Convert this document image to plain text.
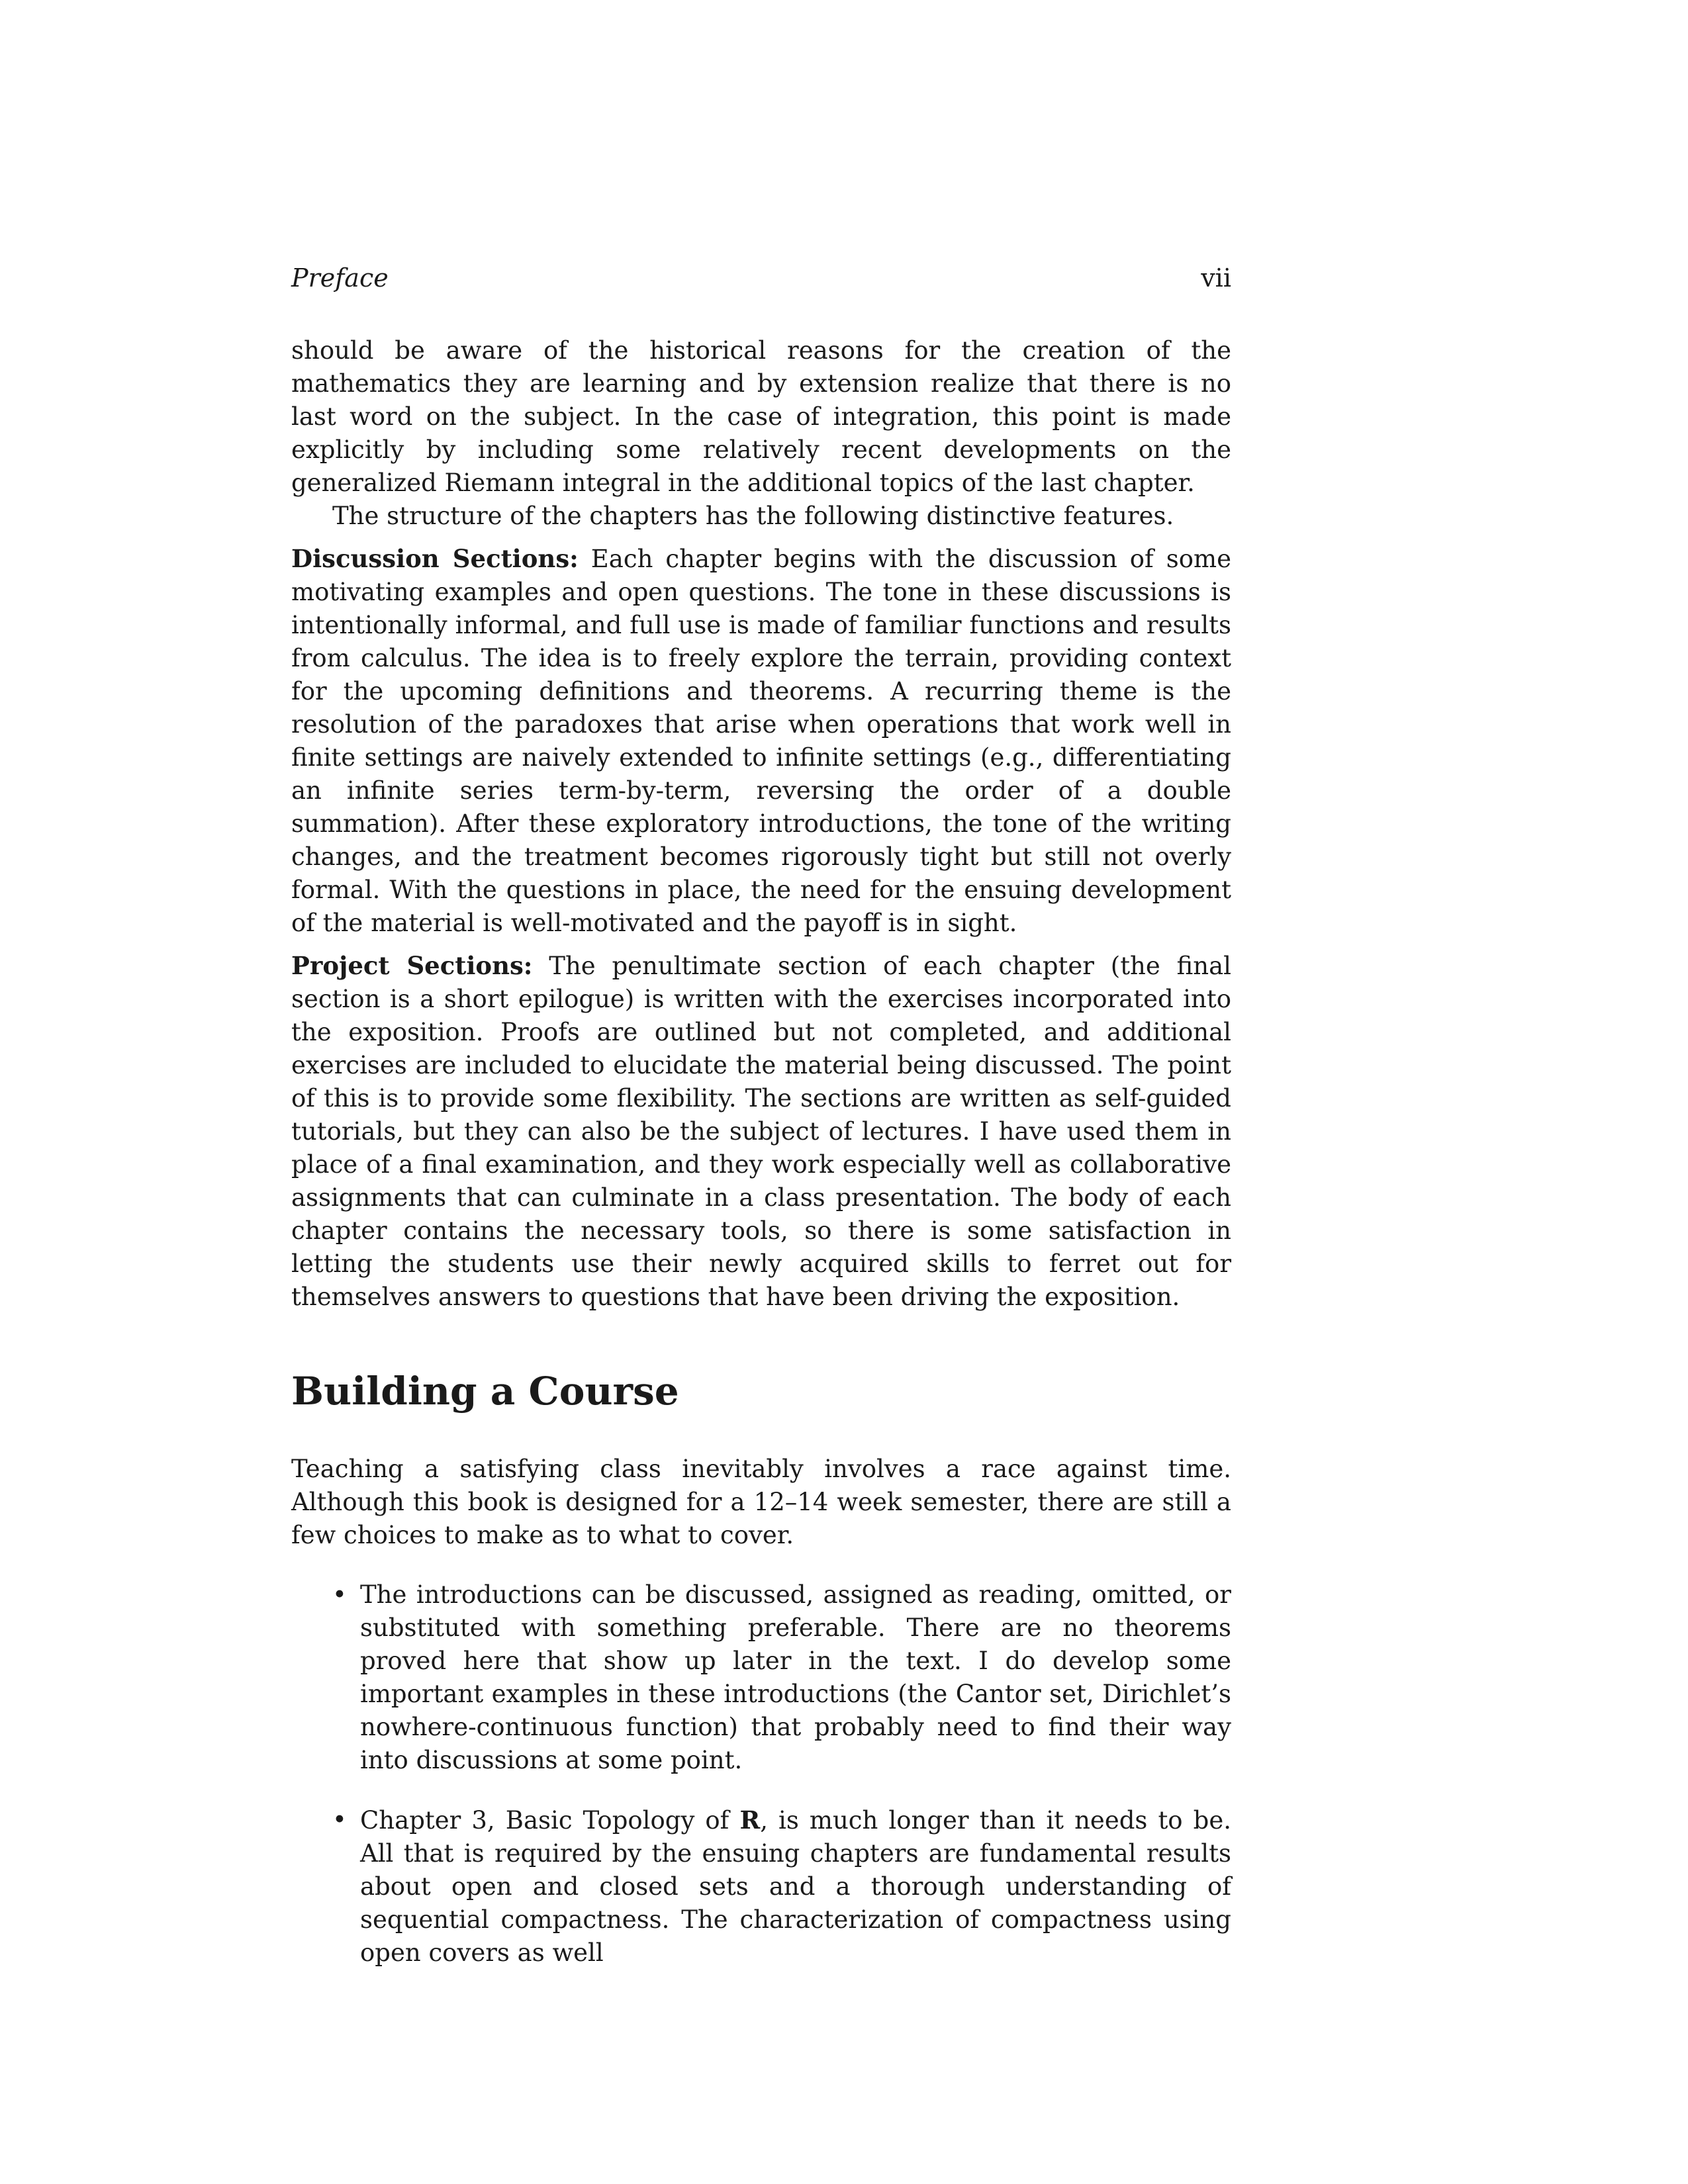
Preface	vii

should be aware of the historical reasons for the creation of the mathematics they are learning and by extension realize that there is no last word on the subject. In the case of integration, this point is made explicitly by including some relatively recent developments on the generalized Riemann integral in the additional topics of the last chapter.

The structure of the chapters has the following distinctive features.

Discussion Sections: Each chapter begins with the discussion of some motivating examples and open questions. The tone in these discussions is intentionally informal, and full use is made of familiar functions and results from calculus. The idea is to freely explore the terrain, providing context for the upcoming definitions and theorems. A recurring theme is the resolution of the paradoxes that arise when operations that work well in finite settings are naively extended to infinite settings (e.g., differentiating an infinite series term-by-term, reversing the order of a double summation). After these exploratory introductions, the tone of the writing changes, and the treatment becomes rigorously tight but still not overly formal. With the questions in place, the need for the ensuing development of the material is well-motivated and the payoff is in sight.

Project Sections: The penultimate section of each chapter (the final section is a short epilogue) is written with the exercises incorporated into the exposition. Proofs are outlined but not completed, and additional exercises are included to elucidate the material being discussed. The point of this is to provide some flexibility. The sections are written as self-guided tutorials, but they can also be the subject of lectures. I have used them in place of a final examination, and they work especially well as collaborative assignments that can culminate in a class presentation. The body of each chapter contains the necessary tools, so there is some satisfaction in letting the students use their newly acquired skills to ferret out for themselves answers to questions that have been driving the exposition.

Building a Course

Teaching a satisfying class inevitably involves a race against time. Although this book is designed for a 12–14 week semester, there are still a few choices to make as to what to cover.

• The introductions can be discussed, assigned as reading, omitted, or substituted with something preferable. There are no theorems proved here that show up later in the text. I do develop some important examples in these introductions (the Cantor set, Dirichlet’s nowhere-continuous function) that probably need to find their way into discussions at some point.
• Chapter 3, Basic Topology of R, is much longer than it needs to be. All that is required by the ensuing chapters are fundamental results about open and closed sets and a thorough understanding of sequential compactness. The characterization of compactness using open covers as well
